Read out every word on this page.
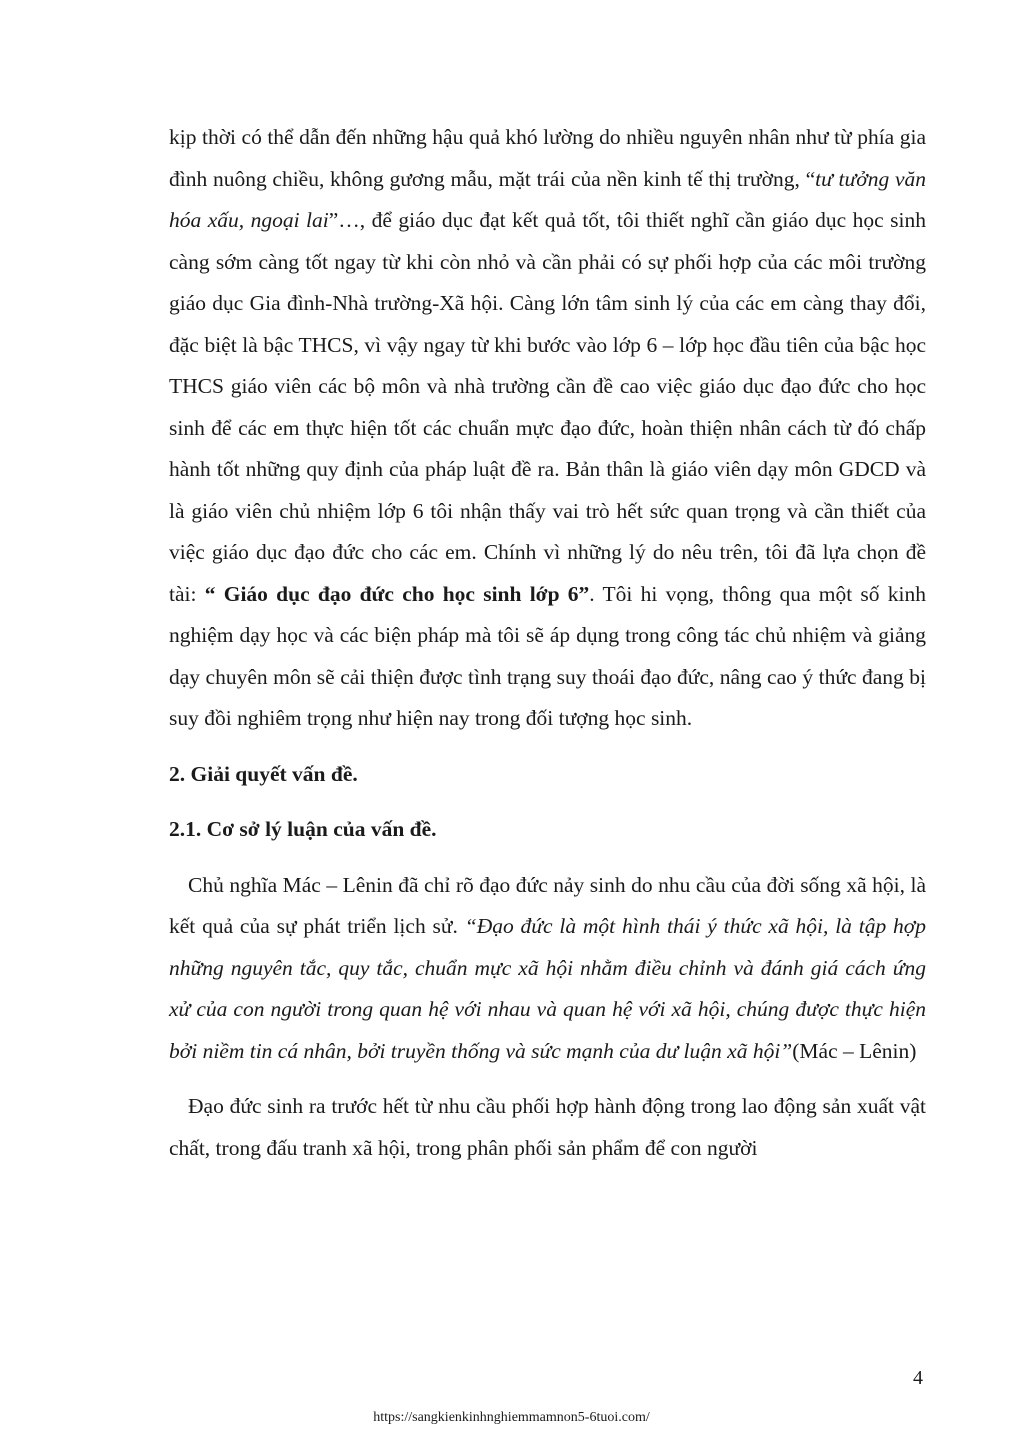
kịp thời có thể dẫn đến những hậu quả khó lường do nhiều nguyên nhân như từ phía gia đình nuông chiều, không gương mẫu, mặt trái của nền kinh tế thị trường, “tư tưởng văn hóa xấu, ngoại lai”…, để giáo dục đạt kết quả tốt, tôi thiết nghĩ cần giáo dục học sinh càng sớm càng tốt ngay từ khi còn nhỏ và cần phải có sự phối hợp của các môi trường giáo dục Gia đình-Nhà trường-Xã hội. Càng lớn tâm sinh lý của các em càng thay đổi, đặc biệt là bậc THCS, vì vậy ngay từ khi bước vào lớp 6 – lớp học đầu tiên của bậc học THCS giáo viên các bộ môn và nhà trường cần đề cao việc giáo dục đạo đức cho học sinh để các em thực hiện tốt các chuẩn mực đạo đức, hoàn thiện nhân cách từ đó chấp hành tốt những quy định của pháp luật đề ra. Bản thân là giáo viên dạy môn GDCD và là giáo viên chủ nhiệm lớp 6 tôi nhận thấy vai trò hết sức quan trọng và cần thiết của việc giáo dục đạo đức cho các em. Chính vì những lý do nêu trên, tôi đã lựa chọn đề tài: “ Giáo dục đạo đức cho học sinh lớp 6”. Tôi hi vọng, thông qua một số kinh nghiệm dạy học và các biện pháp mà tôi sẽ áp dụng trong công tác chủ nhiệm và giảng dạy chuyên môn sẽ cải thiện được tình trạng suy thoái đạo đức, nâng cao ý thức đang bị suy đồi nghiêm trọng như hiện nay trong đối tượng học sinh.

2. Giải quyết vấn đề.

2.1. Cơ sở lý luận của vấn đề.

Chủ nghĩa Mác – Lênin đã chỉ rõ đạo đức nảy sinh do nhu cầu của đời sống xã hội, là kết quả của sự phát triển lịch sử. “Đạo đức là một hình thái ý thức xã hội, là tập hợp những nguyên tắc, quy tắc, chuẩn mực xã hội nhằm điều chỉnh và đánh giá cách ứng xử của con người trong quan hệ với nhau và quan hệ với xã hội, chúng được thực hiện bởi niềm tin cá nhân, bởi truyền thống và sức mạnh của dư luận xã hội”(Mác – Lênin)

Đạo đức sinh ra trước hết từ nhu cầu phối hợp hành động trong lao động sản xuất vật chất, trong đấu tranh xã hội, trong phân phối sản phẩm để con người

4
https://sangkienkinhnghiemmamnon5-6tuoi.com/
